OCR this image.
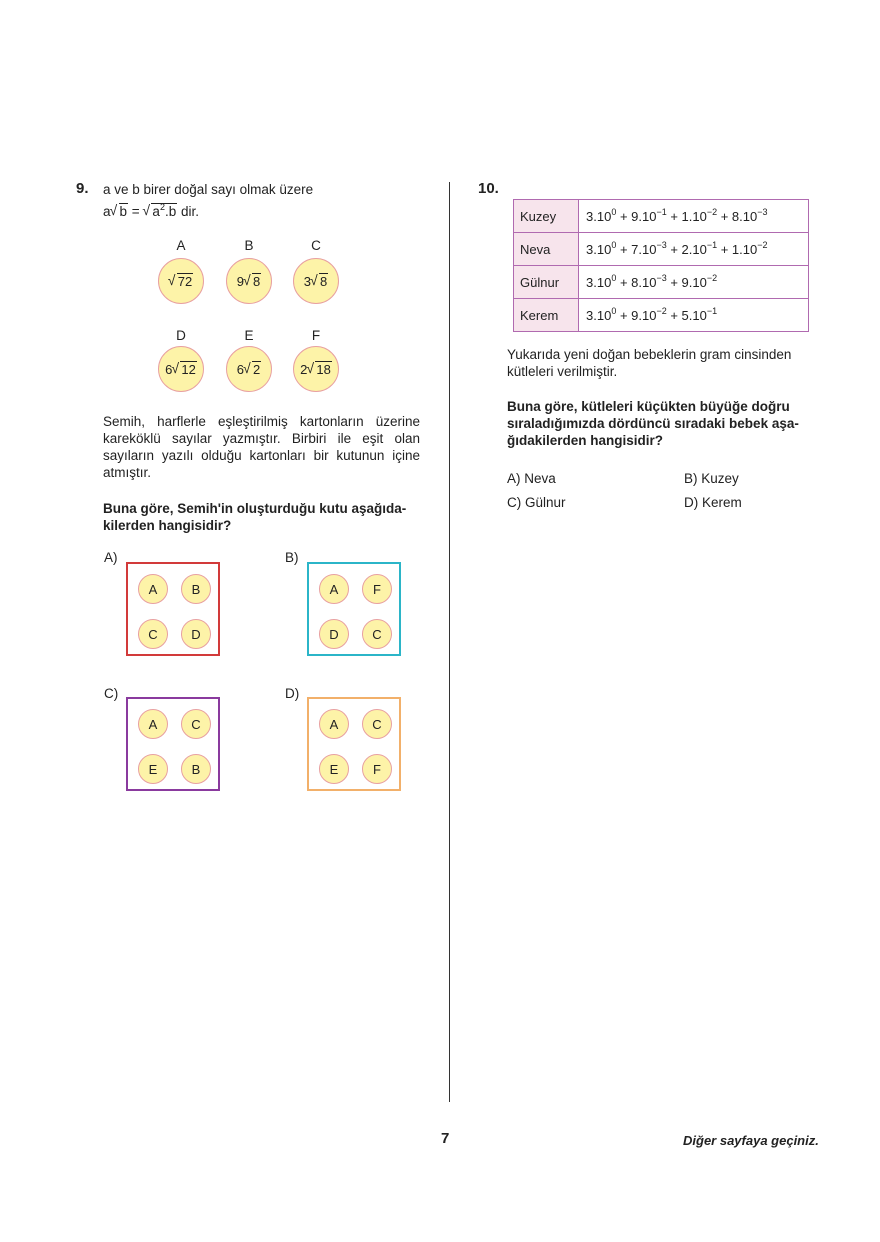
9. a ve b birer doğal sayı olmak üzere
a √ b = √ $a^2.b$ dir.
A
√ 72
B
9 √ 8
C
3 √ 8
D
6 √ 12
E
6 √ 2
F
2 √ 18
Semih, harflerle eşleştirilmiş kartonların üzerine kareköklü sayılar yazmıştır. Birbiri ile eşit olan sayıların yazılı olduğu kartonları bir kutunun içine atmıştır.
Buna göre, Semih'in oluşturduğu kutu aşağıda-
kilerden hangisidir?
A)
A	B
C	D
B)
A	F
D	C
C)
A	C
E	B
D)
A	C
E	F
10.
Kuzey	$3.10^0 + 9.10^{-1} + 1.10^{-2} + 8.10^{-3}$
Neva	$3.10^0 + 7.10^{-3} + 2.10^{-1} + 1.10^{-2}$
Gülnur	$3.10^0 + 8.10^{-3} + 9.10^{-2}$
Kerem	$3.10^0 + 9.10^{-2} + 5.10^{-1}$
Yukarıda yeni doğan bebeklerin gram cinsinden
kütleleri verilmiştir.
Buna göre, kütleleri küçükten büyüğe doğru
sıraladığımızda dördüncü sıradaki bebek aşa-
ğıdakilerden hangisidir?
A) Neva	B) Kuzey
C) Gülnur	D) Kerem
7	Diğer sayfaya geçiniz.
